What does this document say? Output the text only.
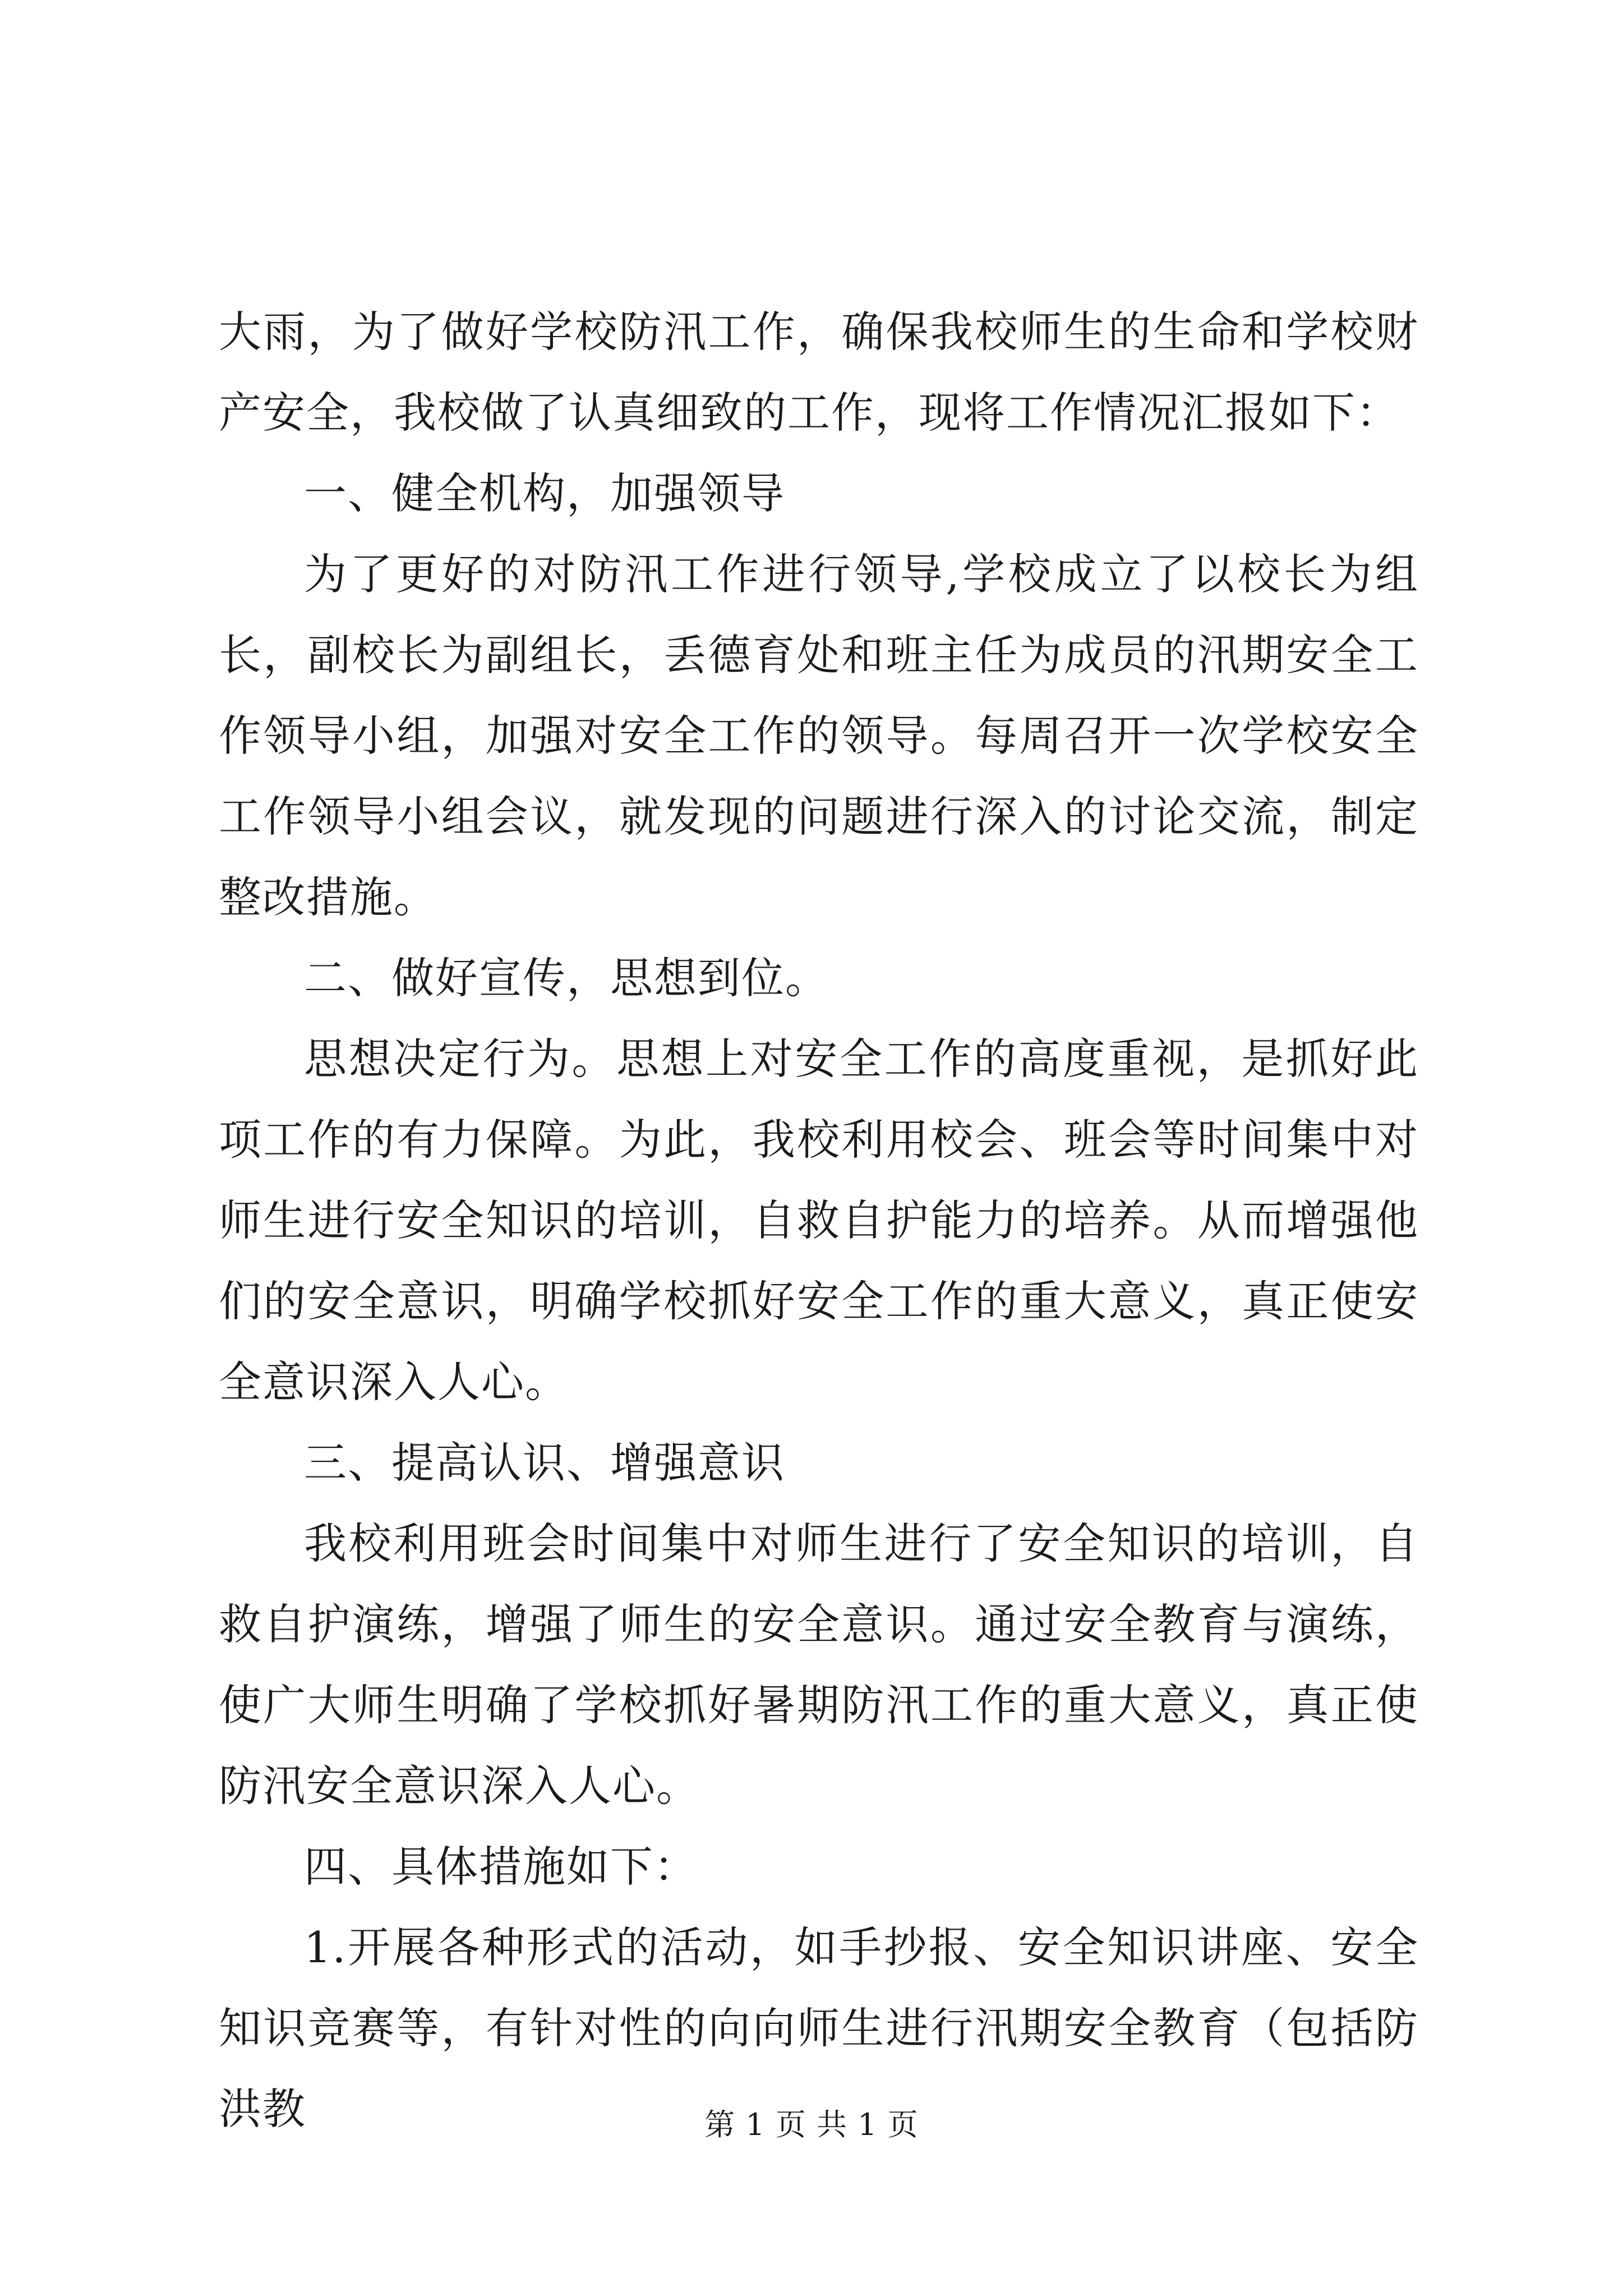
大雨，为了做好学校防汛工作，确保我校师生的生命和学校财产安全，我校做了认真细致的工作，现将工作情况汇报如下：

一、健全机构，加强领导

为了更好的对防汛工作进行领导,学校成立了以校长为组长，副校长为副组长，丢德育处和班主任为成员的汛期安全工作领导小组，加强对安全工作的领导。每周召开一次学校安全工作领导小组会议，就发现的问题进行深入的讨论交流，制定整改措施。

二、做好宣传，思想到位。

思想决定行为。思想上对安全工作的高度重视，是抓好此项工作的有力保障。为此，我校利用校会、班会等时间集中对师生进行安全知识的培训，自救自护能力的培养。从而增强他们的安全意识，明确学校抓好安全工作的重大意义，真正使安全意识深入人心。

三、提高认识、增强意识

我校利用班会时间集中对师生进行了安全知识的培训，自救自护演练，增强了师生的安全意识。通过安全教育与演练，使广大师生明确了学校抓好暑期防汛工作的重大意义，真正使防汛安全意识深入人心。

四、具体措施如下：

1.开展各种形式的活动，如手抄报、安全知识讲座、安全知识竞赛等，有针对性的向向师生进行汛期安全教育（包括防洪教	第 1 页 共 1 页
